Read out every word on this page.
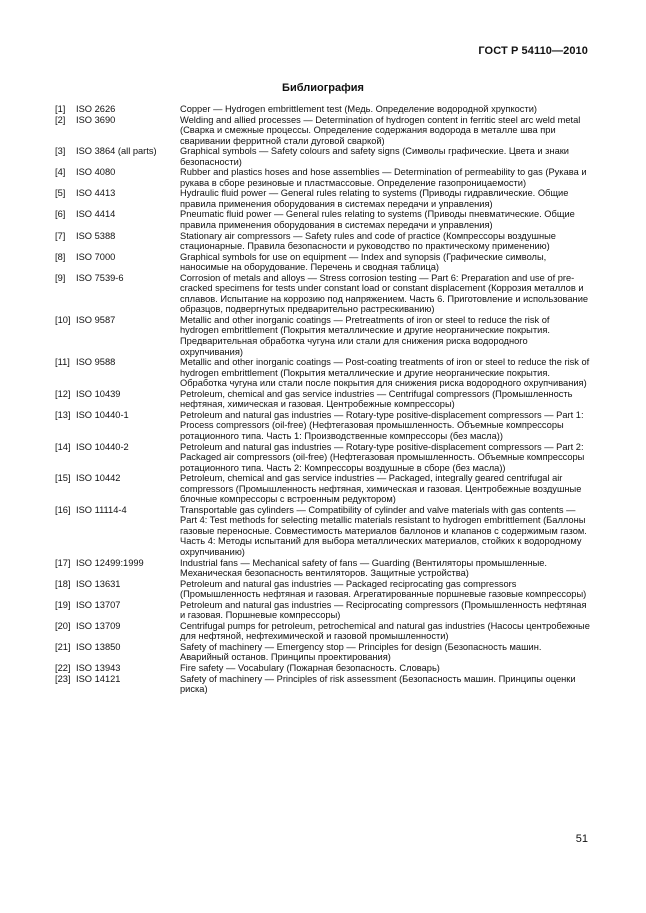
ГОСТ Р 54110—2010
Библиография
[1]	ISO 2626	Copper — Hydrogen embrittlement test (Медь. Определение водородной хрупкости)
[2]	ISO 3690	Welding and allied processes — Determination of hydrogen content in ferritic steel arc weld metal (Сварка и смежные процессы. Определение содержания водорода в металле шва при сваривании ферритной стали дуговой сваркой)
[3]	ISO 3864 (all parts)	Graphical symbols — Safety colours and safety signs (Символы графические. Цвета и знаки безопасности)
[4]	ISO 4080	Rubber and plastics hoses and hose assemblies — Determination of permeability to gas (Рукава и рукава в сборе резиновые и пластмассовые. Определение газопроницаемости)
[5]	ISO 4413	Hydraulic fluid power — General rules relating to systems (Приводы гидравлические. Общие правила применения оборудования в системах передачи и управления)
[6]	ISO 4414	Pneumatic fluid power — General rules relating to systems (Приводы пневматические. Общие правила применения оборудования в системах передачи и управления)
[7]	ISO 5388	Stationary air compressors — Safety rules and code of practice (Компрессоры воздушные стационарные. Правила безопасности и руководство по практическому применению)
[8]	ISO 7000	Graphical symbols for use on equipment — Index and synopsis (Графические символы, наносимые на оборудование. Перечень и сводная таблица)
[9]	ISO 7539-6	Corrosion of metals and alloys — Stress corrosion testing — Part 6: Preparation and use of pre-cracked specimens for tests under constant load or constant displacement (Коррозия металлов и сплавов. Испытание на коррозию под напряжением. Часть 6. Приготовление и использование образцов, подвергнутых предварительно растрескиванию)
[10] ISO 9587	Metallic and other inorganic coatings — Pretreatments of iron or steel to reduce the risk of hydrogen embrittlement (Покрытия металлические и другие неорганические покрытия. Предварительная обработка чугуна или стали для снижения риска водородного охрупчивания)
[11] ISO 9588	Metallic and other inorganic coatings — Post-coating treatments of iron or steel to reduce the risk of hydrogen embrittlement (Покрытия металлические и другие неорганические покрытия. Обработка чугуна или стали после покрытия для снижения риска водородного охрупчивания)
[12] ISO 10439	Petroleum, chemical and gas service industries — Centrifugal compressors (Промышленность нефтяная, химическая и газовая. Центробежные компрессоры)
[13] ISO 10440-1	Petroleum and natural gas industries — Rotary-type positive-displacement compressors — Part 1: Process compressors (oil-free) (Нефтегазовая промышленность. Объемные компрессоры ротационного типа. Часть 1: Производственные компрессоры (без масла))
[14] ISO 10440-2	Petroleum and natural gas industries — Rotary-type positive-displacement compressors — Part 2: Packaged air compressors (oil-free) (Нефтегазовая промышленность. Объемные компрессоры ротационного типа. Часть 2: Компрессоры воздушные в сборе (без масла))
[15] ISO 10442	Petroleum, chemical and gas service industries — Packaged, integrally geared centrifugal air compressors (Промышленность нефтяная, химическая и газовая. Центробежные воздушные блочные компрессоры с встроенным редуктором)
[16] ISO 11114-4	Transportable gas cylinders — Compatibility of cylinder and valve materials with gas contents — Part 4: Test methods for selecting metallic materials resistant to hydrogen embrittlement (Баллоны газовые переносные. Совместимость материалов баллонов и клапанов с содержимым газом. Часть 4: Методы испытаний для выбора металлических материалов, стойких к водородному охрупчиванию)
[17] ISO 12499:1999	Industrial fans — Mechanical safety of fans — Guarding (Вентиляторы промышленные. Механическая безопасность вентиляторов. Защитные устройства)
[18] ISO 13631	Petroleum and natural gas industries — Packaged reciprocating gas compressors (Промышленность нефтяная и газовая. Агрегатированные поршневые газовые компрессоры)
[19] ISO 13707	Petroleum and natural gas industries — Reciprocating compressors (Промышленность нефтяная и газовая. Поршневые компрессоры)
[20] ISO 13709	Centrifugal pumps for petroleum, petrochemical and natural gas industries (Насосы центробежные для нефтяной, нефтехимической и газовой промышленности)
[21] ISO 13850	Safety of machinery — Emergency stop — Principles for design (Безопасность машин. Аварийный останов. Принципы проектирования)
[22] ISO 13943	Fire safety — Vocabulary (Пожарная безопасность. Словарь)
[23] ISO 14121	Safety of machinery — Principles of risk assessment (Безопасность машин. Принципы оценки риска)
51
